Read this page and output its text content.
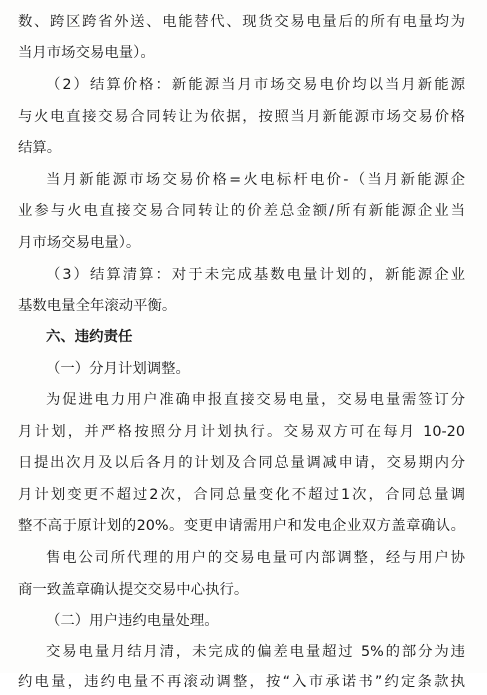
数、跨区跨省外送、电能替代、现货交易电量后的所有电量均为
当月市场交易电量）。
（2）结算价格：新能源当月市场交易电价均以当月新能源
与火电直接交易合同转让为依据，按照当月新能源市场交易价格
结算。
当月新能源市场交易价格=火电标杆电价-（当月新能源企
业参与火电直接交易合同转让的价差总金额/所有新能源企业当
月市场交易电量）。
（3）结算清算：对于未完成基数电量计划的，新能源企业
基数电量全年滚动平衡。
六、违约责任
（一）分月计划调整。
为促进电力用户准确申报直接交易电量，交易电量需签订分
月计划，并严格按照分月计划执行。交易双方可在每月 10-20
日提出次月及以后各月的计划及合同总量调减申请，交易期内分
月计划变更不超过2次，合同总量变化不超过1次，合同总量调
整不高于原计划的20%。变更申请需用户和发电企业双方盖章确认。
售电公司所代理的用户的交易电量可内部调整，经与用户协
商一致盖章确认提交交易中心执行。
（二）用户违约电量处理。
交易电量月结月清，未完成的偏差电量超过 5%的部分为违
约电量，违约电量不再滚动调整，按“入市承诺书”约定条款执
